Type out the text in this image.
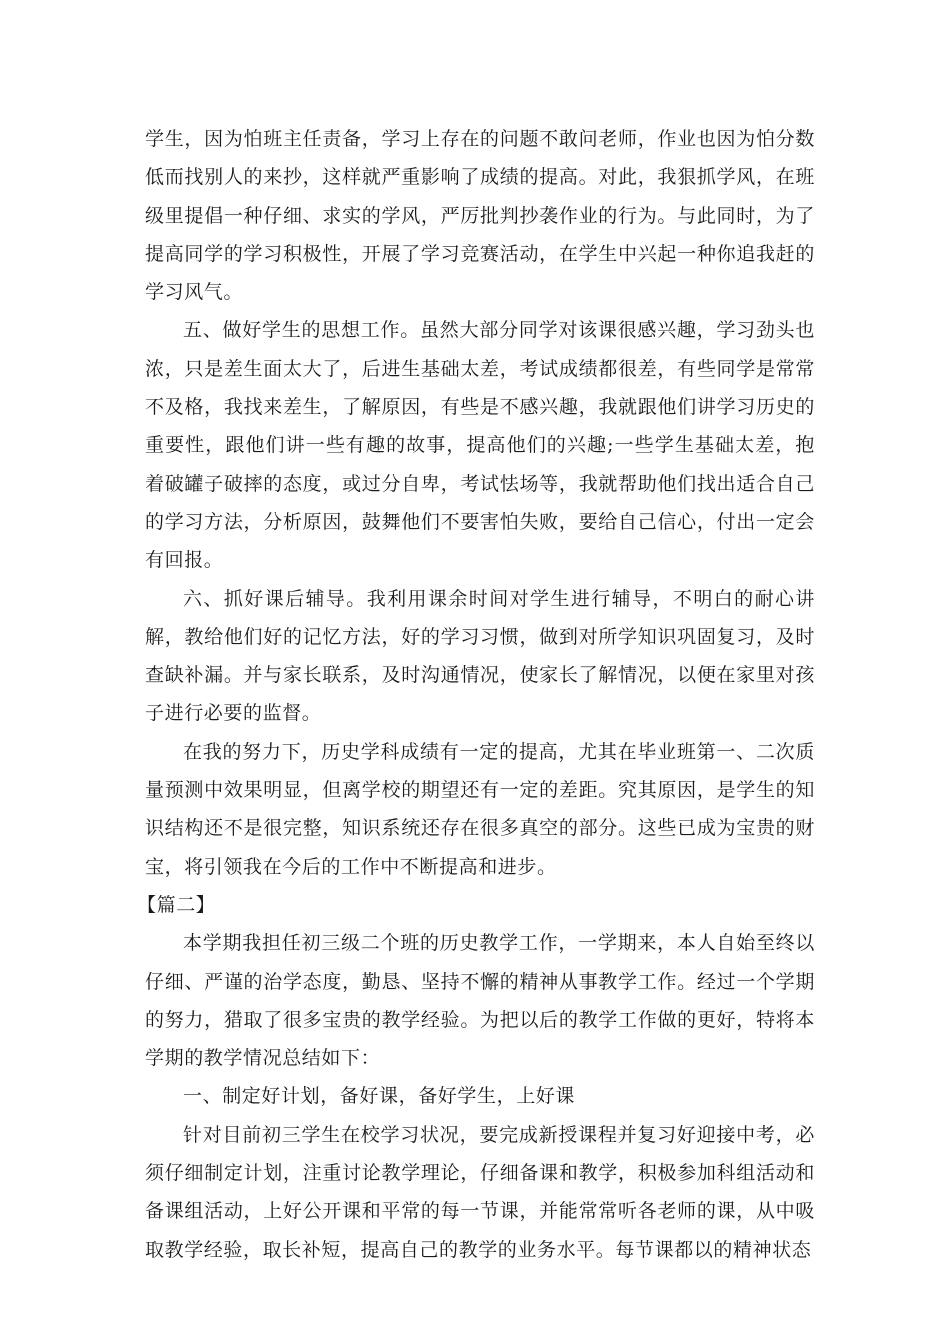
学生，因为怕班主任责备，学习上存在的问题不敢问老师，作业也因为怕分数低而找别人的来抄，这样就严重影响了成绩的提高。对此，我狠抓学风，在班级里提倡一种仔细、求实的学风，严厉批判抄袭作业的行为。与此同时，为了提高同学的学习积极性，开展了学习竞赛活动，在学生中兴起一种你追我赶的学习风气。

五、做好学生的思想工作。虽然大部分同学对该课很感兴趣，学习劲头也浓，只是差生面太大了，后进生基础太差，考试成绩都很差，有些同学是常常不及格，我找来差生，了解原因，有些是不感兴趣，我就跟他们讲学习历史的重要性，跟他们讲一些有趣的故事，提高他们的兴趣;一些学生基础太差，抱着破罐子破摔的态度，或过分自卑，考试怯场等，我就帮助他们找出适合自己的学习方法，分析原因，鼓舞他们不要害怕失败，要给自己信心，付出一定会有回报。

六、抓好课后辅导。我利用课余时间对学生进行辅导，不明白的耐心讲解，教给他们好的记忆方法，好的学习习惯，做到对所学知识巩固复习，及时查缺补漏。并与家长联系，及时沟通情况，使家长了解情况，以便在家里对孩子进行必要的监督。

在我的努力下，历史学科成绩有一定的提高，尤其在毕业班第一、二次质量预测中效果明显，但离学校的期望还有一定的差距。究其原因，是学生的知识结构还不是很完整，知识系统还存在很多真空的部分。这些已成为宝贵的财宝，将引领我在今后的工作中不断提高和进步。

【篇二】

本学期我担任初三级二个班的历史教学工作，一学期来，本人自始至终以仔细、严谨的治学态度，勤恳、坚持不懈的精神从事教学工作。经过一个学期的努力，猎取了很多宝贵的教学经验。为把以后的教学工作做的更好，特将本学期的教学情况总结如下：

一、制定好计划，备好课，备好学生，上好课

针对目前初三学生在校学习状况，要完成新授课程并复习好迎接中考，必须仔细制定计划，注重讨论教学理论，仔细备课和教学，积极参加科组活动和备课组活动，上好公开课和平常的每一节课，并能常常听各老师的课，从中吸取教学经验，取长补短，提高自己的教学的业务水平。每节课都以的精神状态
